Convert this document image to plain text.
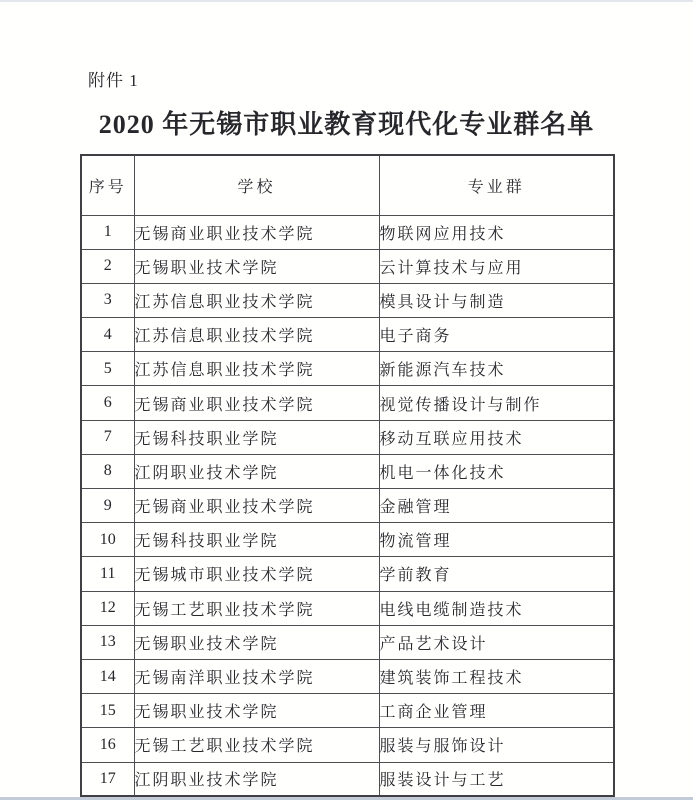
附件 1
2020 年无锡市职业教育现代化专业群名单
序号	学校	专业群
1	无锡商业职业技术学院	物联网应用技术
2	无锡职业技术学院	云计算技术与应用
3	江苏信息职业技术学院	模具设计与制造
4	江苏信息职业技术学院	电子商务
5	江苏信息职业技术学院	新能源汽车技术
6	无锡商业职业技术学院	视觉传播设计与制作
7	无锡科技职业学院	移动互联应用技术
8	江阴职业技术学院	机电一体化技术
9	无锡商业职业技术学院	金融管理
10	无锡科技职业学院	物流管理
11	无锡城市职业技术学院	学前教育
12	无锡工艺职业技术学院	电线电缆制造技术
13	无锡职业技术学院	产品艺术设计
14	无锡南洋职业技术学院	建筑装饰工程技术
15	无锡职业技术学院	工商企业管理
16	无锡工艺职业技术学院	服装与服饰设计
17	江阴职业技术学院	服装设计与工艺
